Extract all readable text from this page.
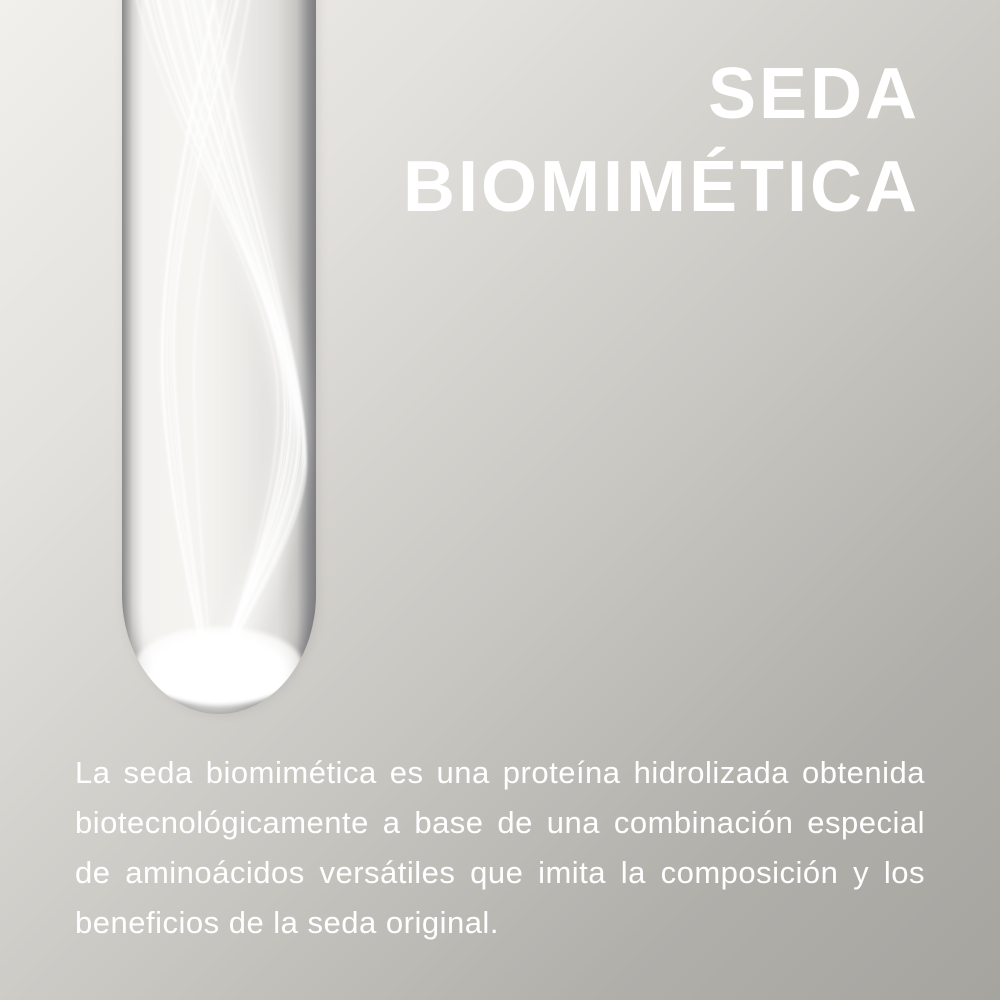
SEDA
BIOMIMÉTICA
La seda biomimética es una proteína hidrolizada obtenida
biotecnológicamente a base de una combinación especial
de aminoácidos versátiles que imita la composición y los
beneficios de la seda original.
